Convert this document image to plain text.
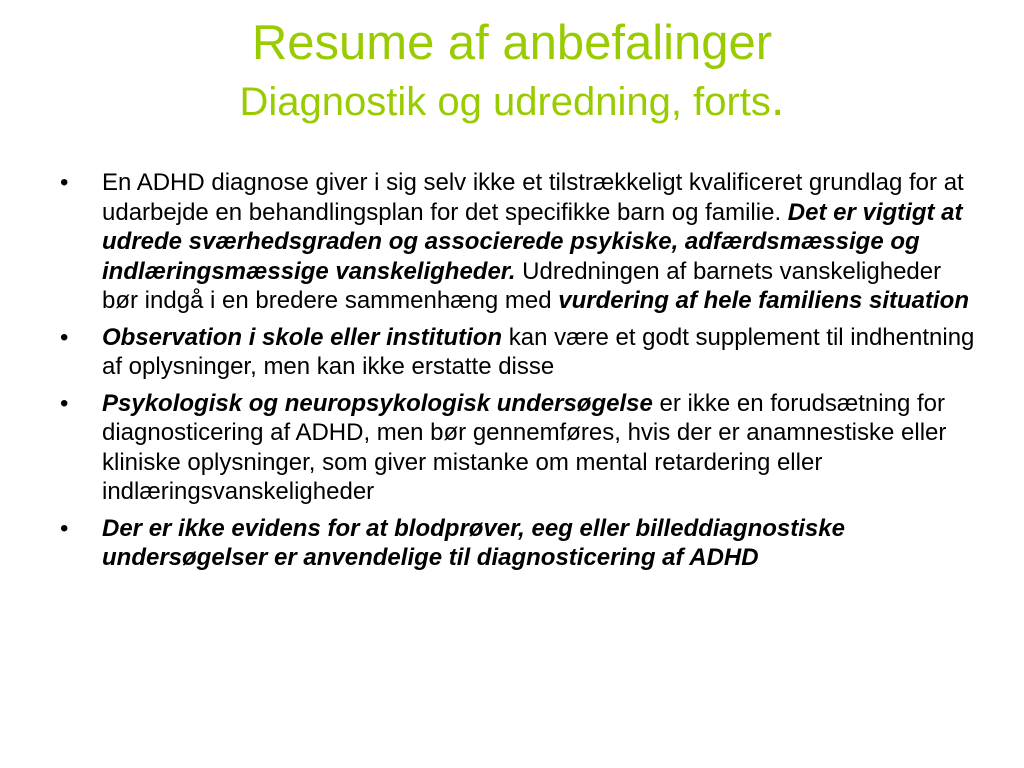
Resume af anbefalinger
Diagnostik og udredning, forts.
• En ADHD diagnose giver i sig selv ikke et tilstrækkeligt kvalificeret grundlag for at udarbejde en behandlingsplan for det specifikke barn og familie. Det er vigtigt at udrede sværhedsgraden og associerede psykiske, adfærdsmæssige og indlæringsmæssige vanskeligheder. Udredningen af barnets vanskeligheder bør indgå i en bredere sammenhæng med vurdering af hele familiens situation
• Observation i skole eller institution kan være et godt supplement til indhentning af oplysninger, men kan ikke erstatte disse
• Psykologisk og neuropsykologisk undersøgelse er ikke en forudsætning for diagnosticering af ADHD, men bør gennemføres, hvis der er anamnestiske eller kliniske oplysninger, som giver mistanke om mental retardering eller indlæringsvanskeligheder
• Der er ikke evidens for at blodprøver, eeg eller billeddiagnostiske undersøgelser er anvendelige til diagnosticering af ADHD
